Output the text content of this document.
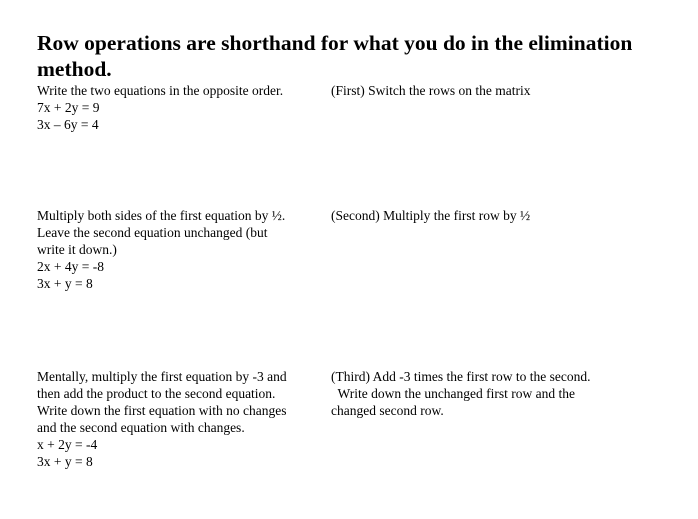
Row operations are shorthand for what you do in the elimination method.
Write the two equations in the opposite order.
7x + 2y = 9
3x – 6y = 4
(First) Switch the rows on the matrix
Multiply both sides of the first equation by ½.
Leave the second equation unchanged (but
write it down.)
2x + 4y = -8
3x + y = 8
(Second) Multiply the first row by ½
Mentally, multiply the first equation by -3 and
then add the product to the second equation.
Write down the first equation with no changes
and the second equation with changes.
x + 2y = -4
3x + y = 8
(Third) Add -3 times the first row to the second.
Write down the unchanged first row and the
changed second row.
